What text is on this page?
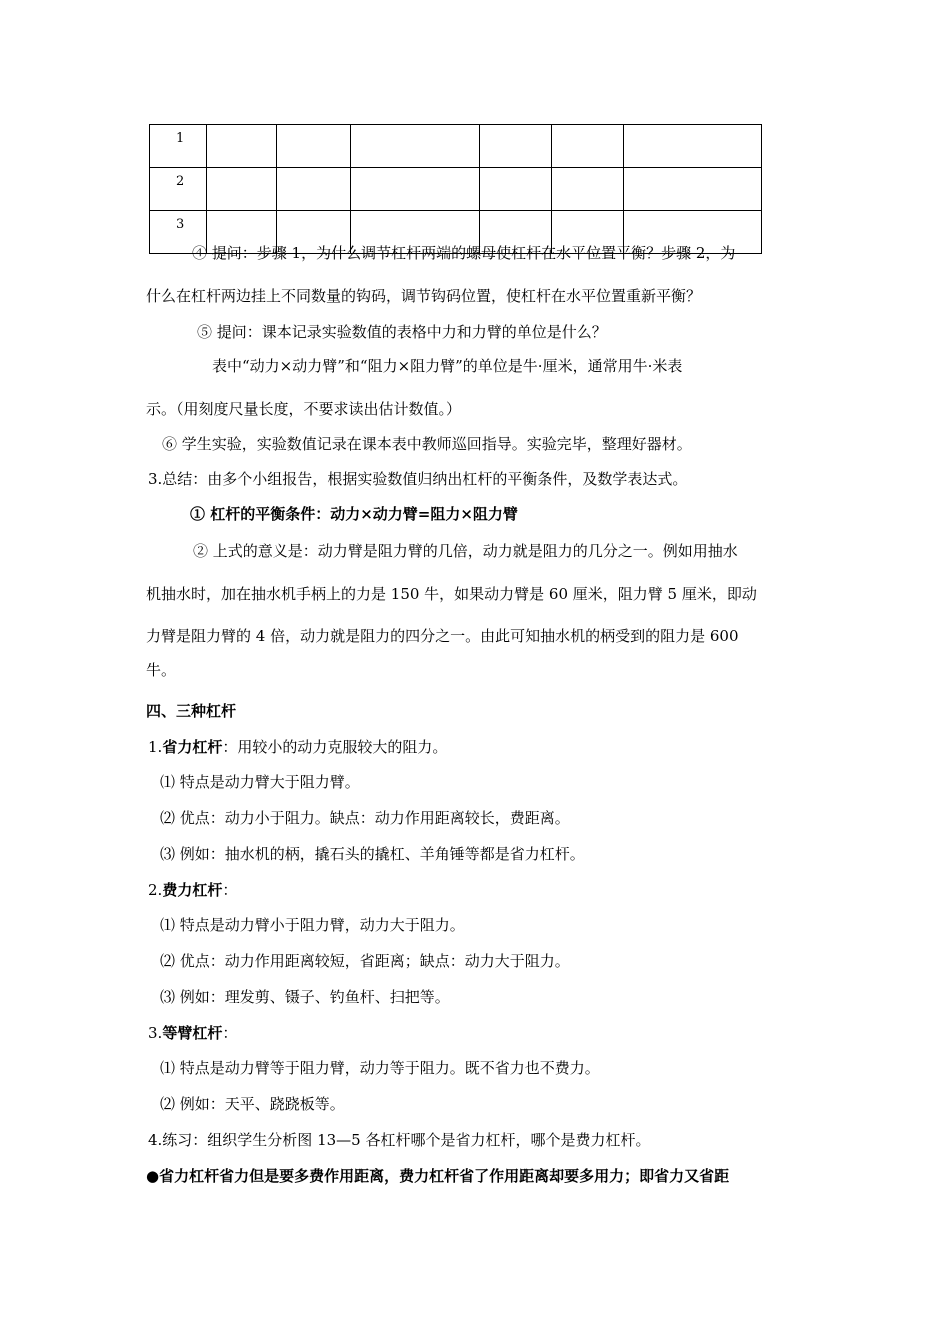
1						
2						
3						
④ 提问：步骤 1，为什么调节杠杆两端的螺母使杠杆在水平位置平衡？步骤 2，为
什么在杠杆两边挂上不同数量的钩码，调节钩码位置，使杠杆在水平位置重新平衡？
⑤ 提问：课本记录实验数值的表格中力和力臂的单位是什么？
表中“动力×动力臂”和“阻力×阻力臂”的单位是牛·厘米，通常用牛·米表
示。（用刻度尺量长度，不要求读出估计数值。）
⑥ 学生实验，实验数值记录在课本表中教师巡回指导。实验完毕，整理好器材。
3.总结：由多个小组报告，根据实验数值归纳出杠杆的平衡条件，及数学表达式。
① 杠杆的平衡条件：动力×动力臂=阻力×阻力臂
② 上式的意义是：动力臂是阻力臂的几倍，动力就是阻力的几分之一。例如用抽水
机抽水时，加在抽水机手柄上的力是 150 牛，如果动力臂是 60 厘米，阻力臂 5 厘米，即动
力臂是阻力臂的 4 倍，动力就是阻力的四分之一。由此可知抽水机的柄受到的阻力是 600
牛。
四、三种杠杆
1.省力杠杆：用较小的动力克服较大的阻力。
⑴ 特点是动力臂大于阻力臂。
⑵ 优点：动力小于阻力。缺点：动力作用距离较长，费距离。
⑶ 例如：抽水机的柄，撬石头的撬杠、羊角锤等都是省力杠杆。
2.费力杠杆：
⑴ 特点是动力臂小于阻力臂，动力大于阻力。
⑵ 优点：动力作用距离较短，省距离；缺点：动力大于阻力。
⑶ 例如：理发剪、镊子、钓鱼杆、扫把等。
3.等臂杠杆：
⑴ 特点是动力臂等于阻力臂，动力等于阻力。既不省力也不费力。
⑵ 例如：天平、跷跷板等。
4.练习：组织学生分析图 13—5 各杠杆哪个是省力杠杆，哪个是费力杠杆。
●省力杠杆省力但是要多费作用距离，费力杠杆省了作用距离却要多用力；即省力又省距
